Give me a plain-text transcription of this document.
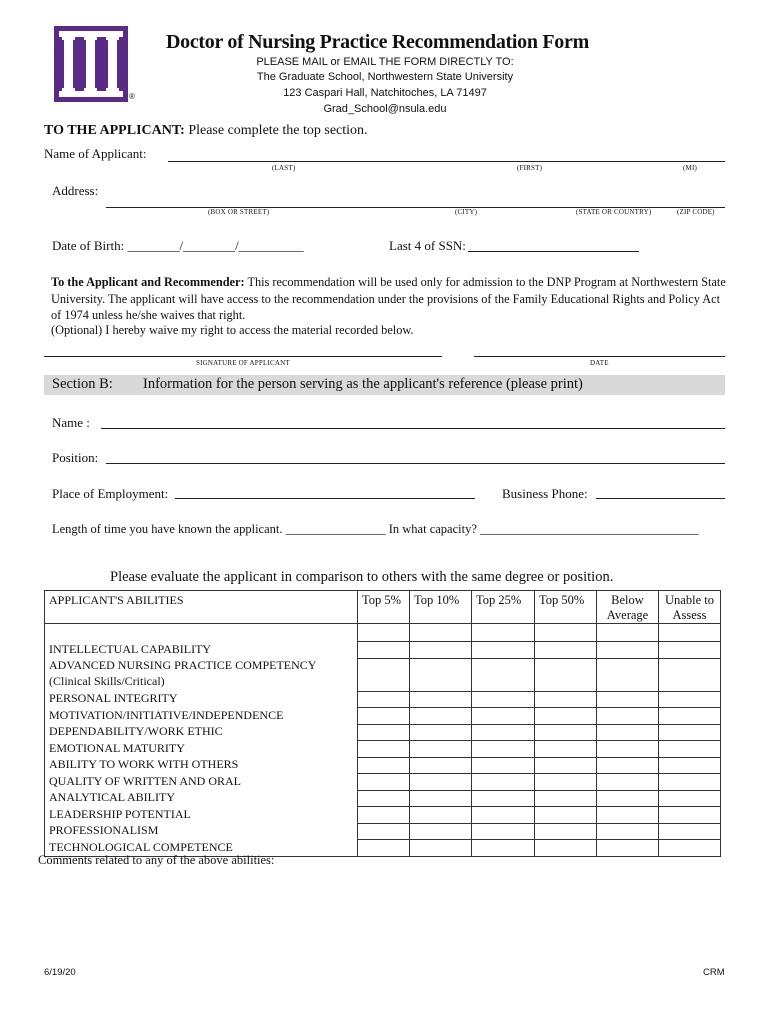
®
Doctor of Nursing Practice Recommendation Form
PLEASE MAIL or EMAIL THE FORM DIRECTLY TO:
The Graduate School, Northwestern State University
123 Caspari Hall, Natchitoches, LA 71497
Grad_School@nsula.edu
TO THE APPLICANT: Please complete the top section.
Name of Applicant:
(LAST)	(FIRST)	(MI)
Address:
(BOX OR STREET)	(CITY)	(STATE OR COUNTRY)	(ZIP CODE)
Date of Birth: ________/________/__________	Last 4 of SSN:
To the Applicant and Recommender: This recommendation will be used only for admission to the DNP Program at Northwestern State University. The applicant will have access to the recommendation under the provisions of the Family Educational Rights and Policy Act of 1974 unless he/she waives that right.
(Optional) I hereby waive my right to access the material recorded below.
SIGNATURE OF APPLICANT	DATE
Section B: Information for the person serving as the applicant's reference (please print)
Name :
Position:
Place of Employment:	Business Phone:
Length of time you have known the applicant. ________________ In what capacity? ___________________________________
Please evaluate the applicant in comparison to others with the same degree or position.
APPLICANT'S ABILITIES	Top 5%	Top 10%	Top 25%	Top 50%	Below Average	Unable to Assess

INTELLECTUAL CAPABILITY						
ADVANCED NURSING PRACTICE COMPETENCY (Clinical Skills/Critical)						
PERSONAL INTEGRITY						
MOTIVATION/INITIATIVE/INDEPENDENCE						
DEPENDABILITY/WORK ETHIC						
EMOTIONAL MATURITY						
ABILITY TO WORK WITH OTHERS						
QUALITY OF WRITTEN AND ORAL						
ANALYTICAL ABILITY						
LEADERSHIP POTENTIAL						
PROFESSIONALISM						
TECHNOLOGICAL COMPETENCE						
Comments related to any of the above abilities:
6/19/20	CRM
